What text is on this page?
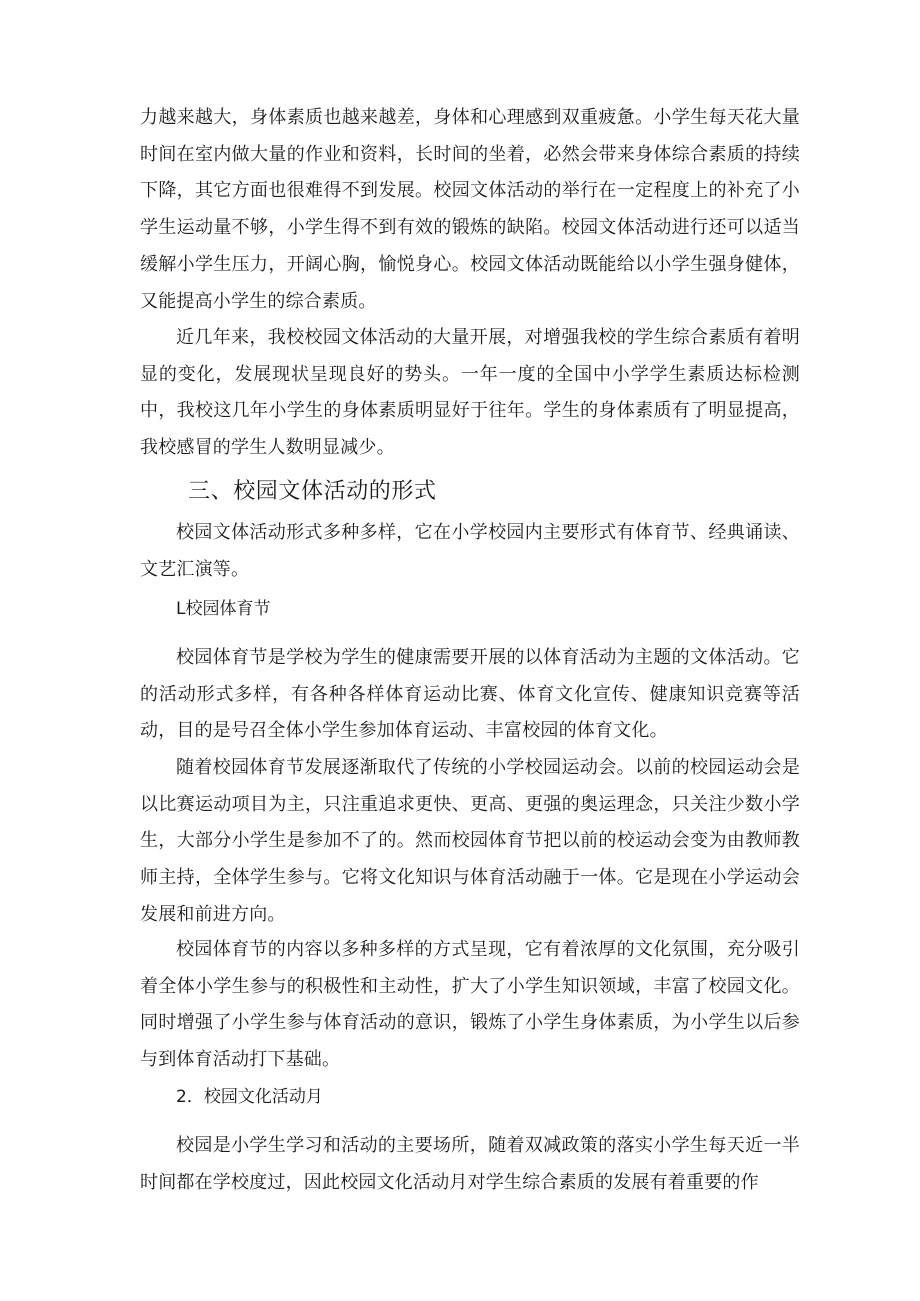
力越来越大，身体素质也越来越差，身体和心理感到双重疲惫。小学生每天花大量时间在室内做大量的作业和资料，长时间的坐着，必然会带来身体综合素质的持续下降，其它方面也很难得不到发展。校园文体活动的举行在一定程度上的补充了小学生运动量不够，小学生得不到有效的锻炼的缺陷。校园文体活动进行还可以适当缓解小学生压力，开阔心胸，愉悦身心。校园文体活动既能给以小学生强身健体，又能提高小学生的综合素质。

近几年来，我校校园文体活动的大量开展，对增强我校的学生综合素质有着明显的变化，发展现状呈现良好的势头。一年一度的全国中小学学生素质达标检测中，我校这几年小学生的身体素质明显好于往年。学生的身体素质有了明显提高，我校感冒的学生人数明显减少。

三、校园文体活动的形式

校园文体活动形式多种多样，它在小学校园内主要形式有体育节、经典诵读、文艺汇演等。

L校园体育节

校园体育节是学校为学生的健康需要开展的以体育活动为主题的文体活动。它的活动形式多样，有各种各样体育运动比赛、体育文化宣传、健康知识竞赛等活动，目的是号召全体小学生参加体育运动、丰富校园的体育文化。

随着校园体育节发展逐渐取代了传统的小学校园运动会。以前的校园运动会是以比赛运动项目为主，只注重追求更快、更高、更强的奥运理念，只关注少数小学生，大部分小学生是参加不了的。然而校园体育节把以前的校运动会变为由教师教师主持，全体学生参与。它将文化知识与体育活动融于一体。它是现在小学运动会发展和前进方向。

校园体育节的内容以多种多样的方式呈现，它有着浓厚的文化氛围，充分吸引着全体小学生参与的积极性和主动性，扩大了小学生知识领域，丰富了校园文化。同时增强了小学生参与体育活动的意识，锻炼了小学生身体素质，为小学生以后参与到体育活动打下基础。

2．校园文化活动月

校园是小学生学习和活动的主要场所，随着双减政策的落实小学生每天近一半时间都在学校度过，因此校园文化活动月对学生综合素质的发展有着重要的作
